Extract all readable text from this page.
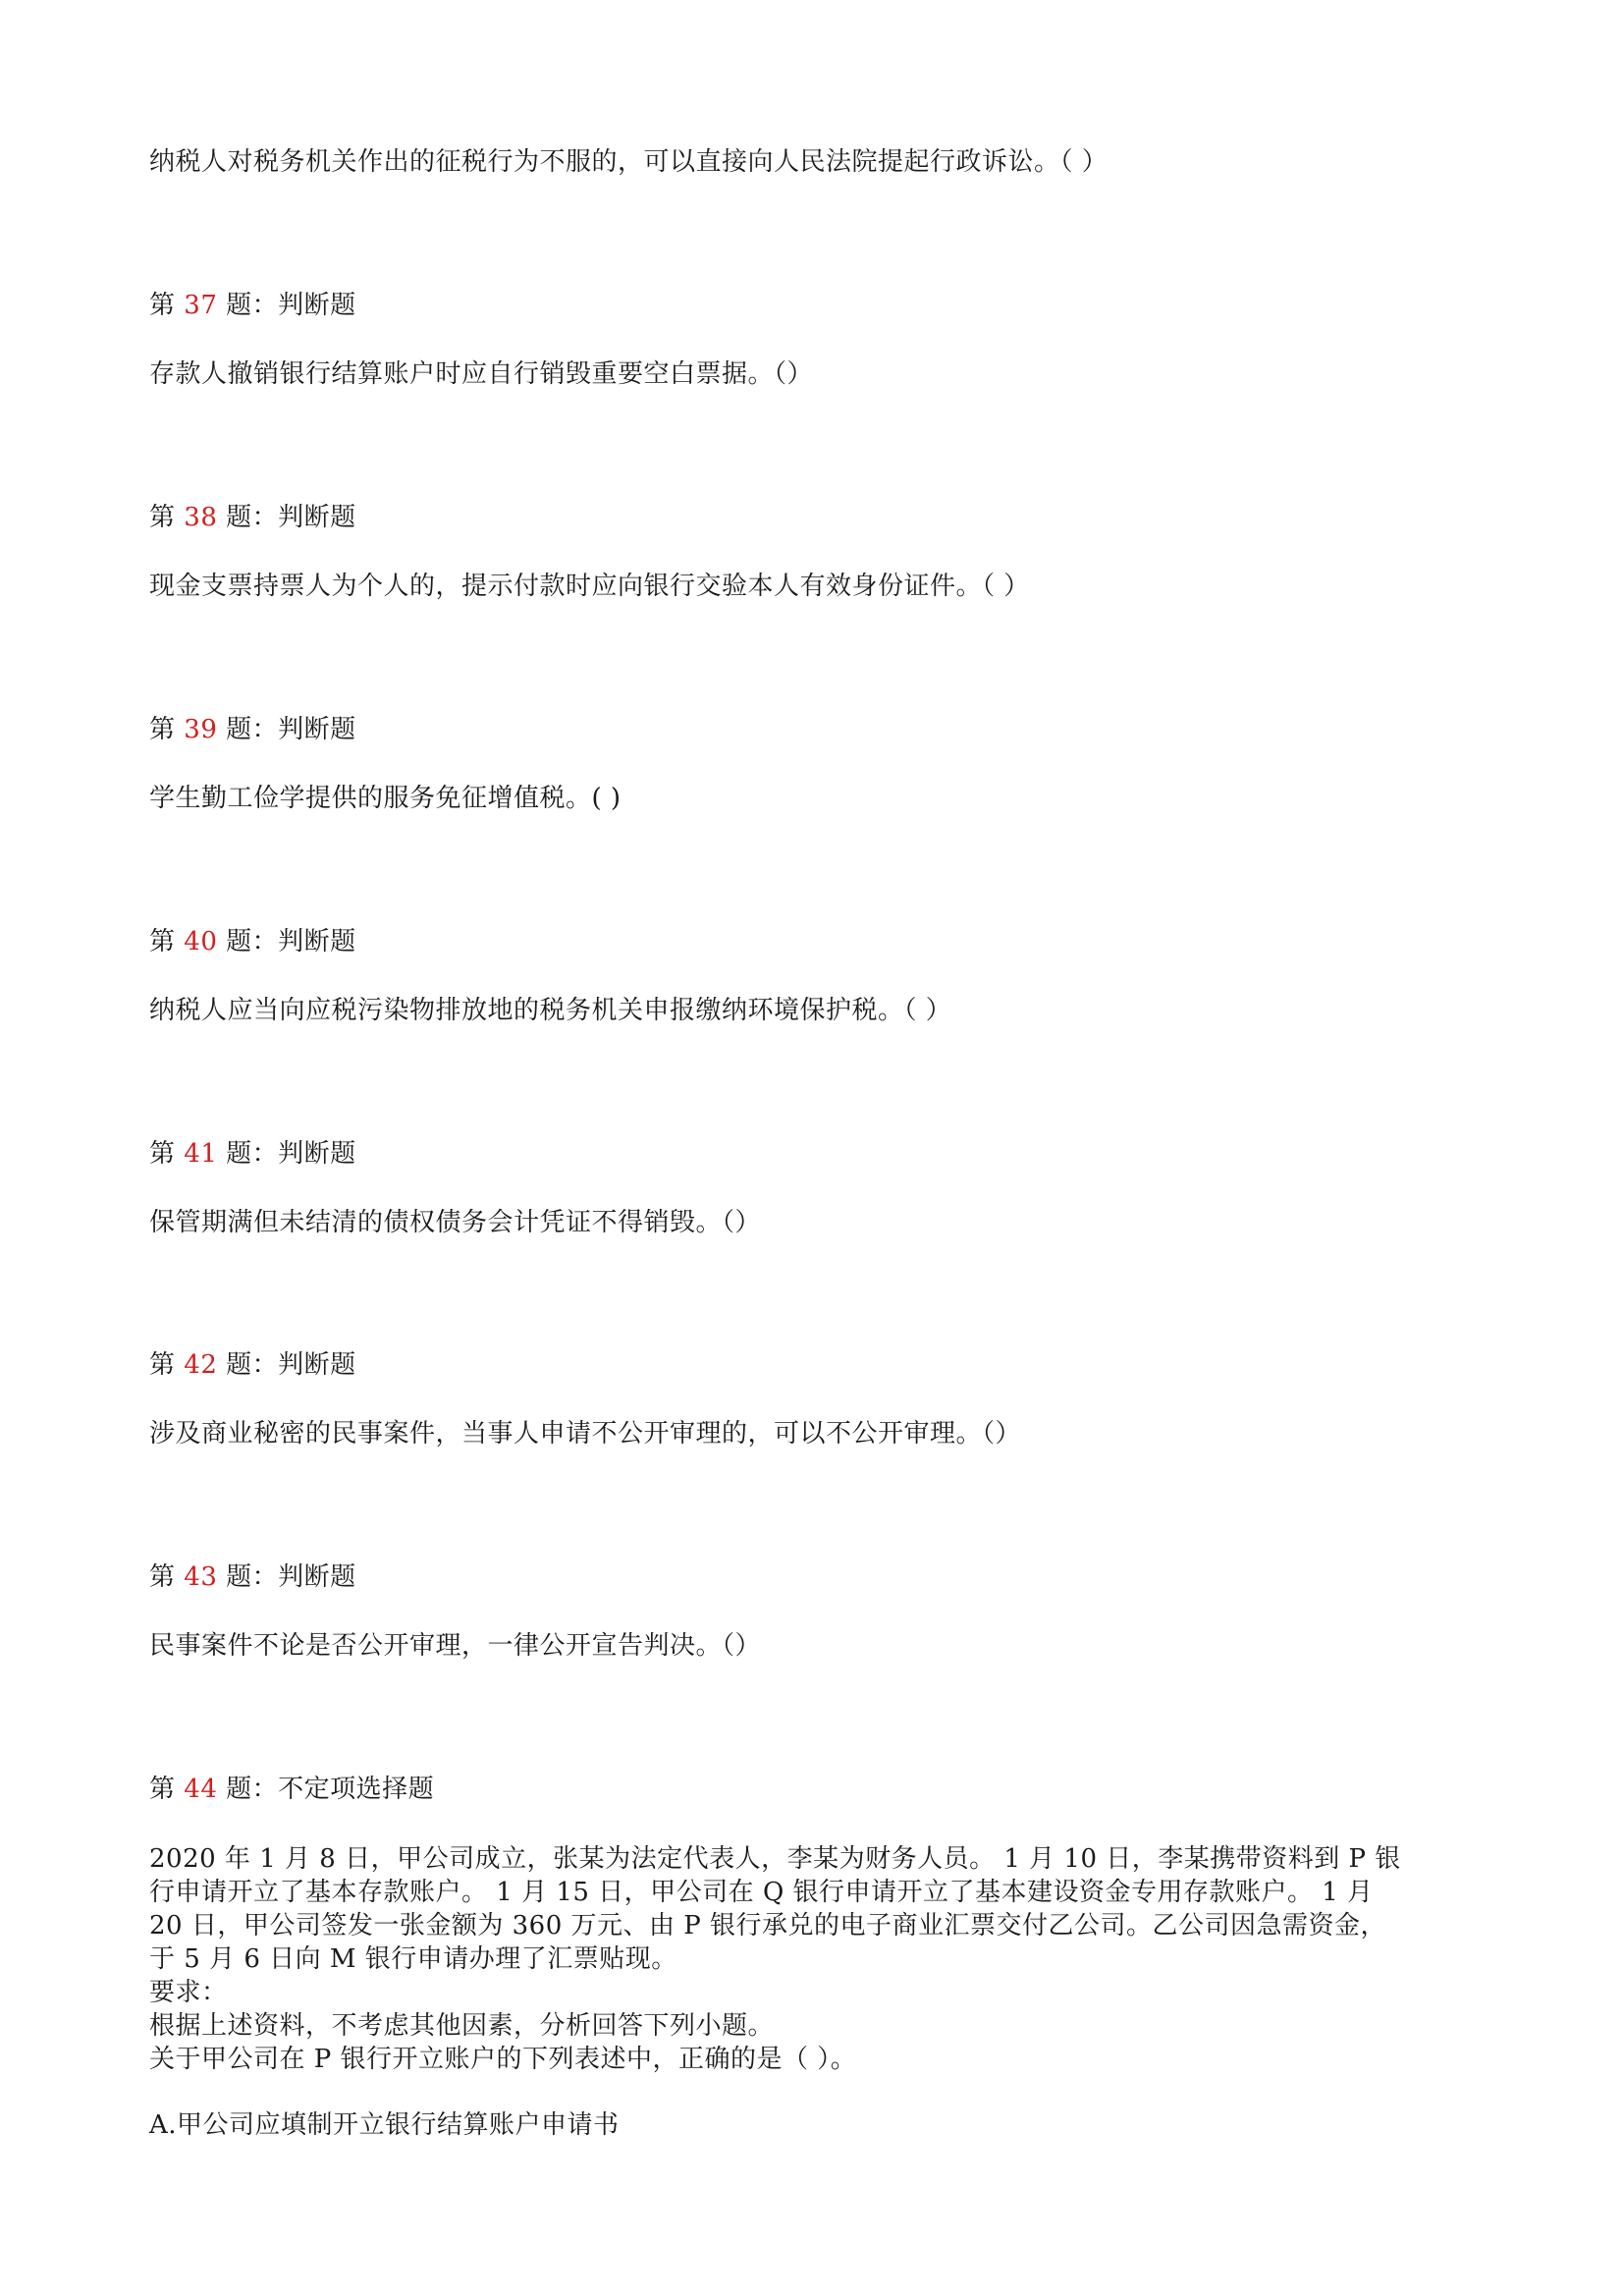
纳税人对税务机关作出的征税行为不服的，可以直接向人民法院提起行政诉讼。（ ）
第 37 题：判断题
存款人撤销银行结算账户时应自行销毁重要空白票据。（）
第 38 题：判断题
现金支票持票人为个人的，提示付款时应向银行交验本人有效身份证件。（ ）
第 39 题：判断题
学生勤工俭学提供的服务免征增值税。( )
第 40 题：判断题
纳税人应当向应税污染物排放地的税务机关申报缴纳环境保护税。（ ）
第 41 题：判断题
保管期满但未结清的债权债务会计凭证不得销毁。（）
第 42 题：判断题
涉及商业秘密的民事案件，当事人申请不公开审理的，可以不公开审理。（）
第 43 题：判断题
民事案件不论是否公开审理，一律公开宣告判决。（）
第 44 题：不定项选择题
2020 年 1 月 8 日，甲公司成立，张某为法定代表人，李某为财务人员。 1 月 10 日，李某携带资料到 P 银
行申请开立了基本存款账户。 1 月 15 日，甲公司在 Q 银行申请开立了基本建设资金专用存款账户。 1 月
20 日，甲公司签发一张金额为 360 万元、由 P 银行承兑的电子商业汇票交付乙公司。乙公司因急需资金，
于 5 月 6 日向 M 银行申请办理了汇票贴现。
要求：
根据上述资料，不考虑其他因素，分析回答下列小题。
关于甲公司在 P 银行开立账户的下列表述中，正确的是（ ）。
A.甲公司应填制开立银行结算账户申请书
